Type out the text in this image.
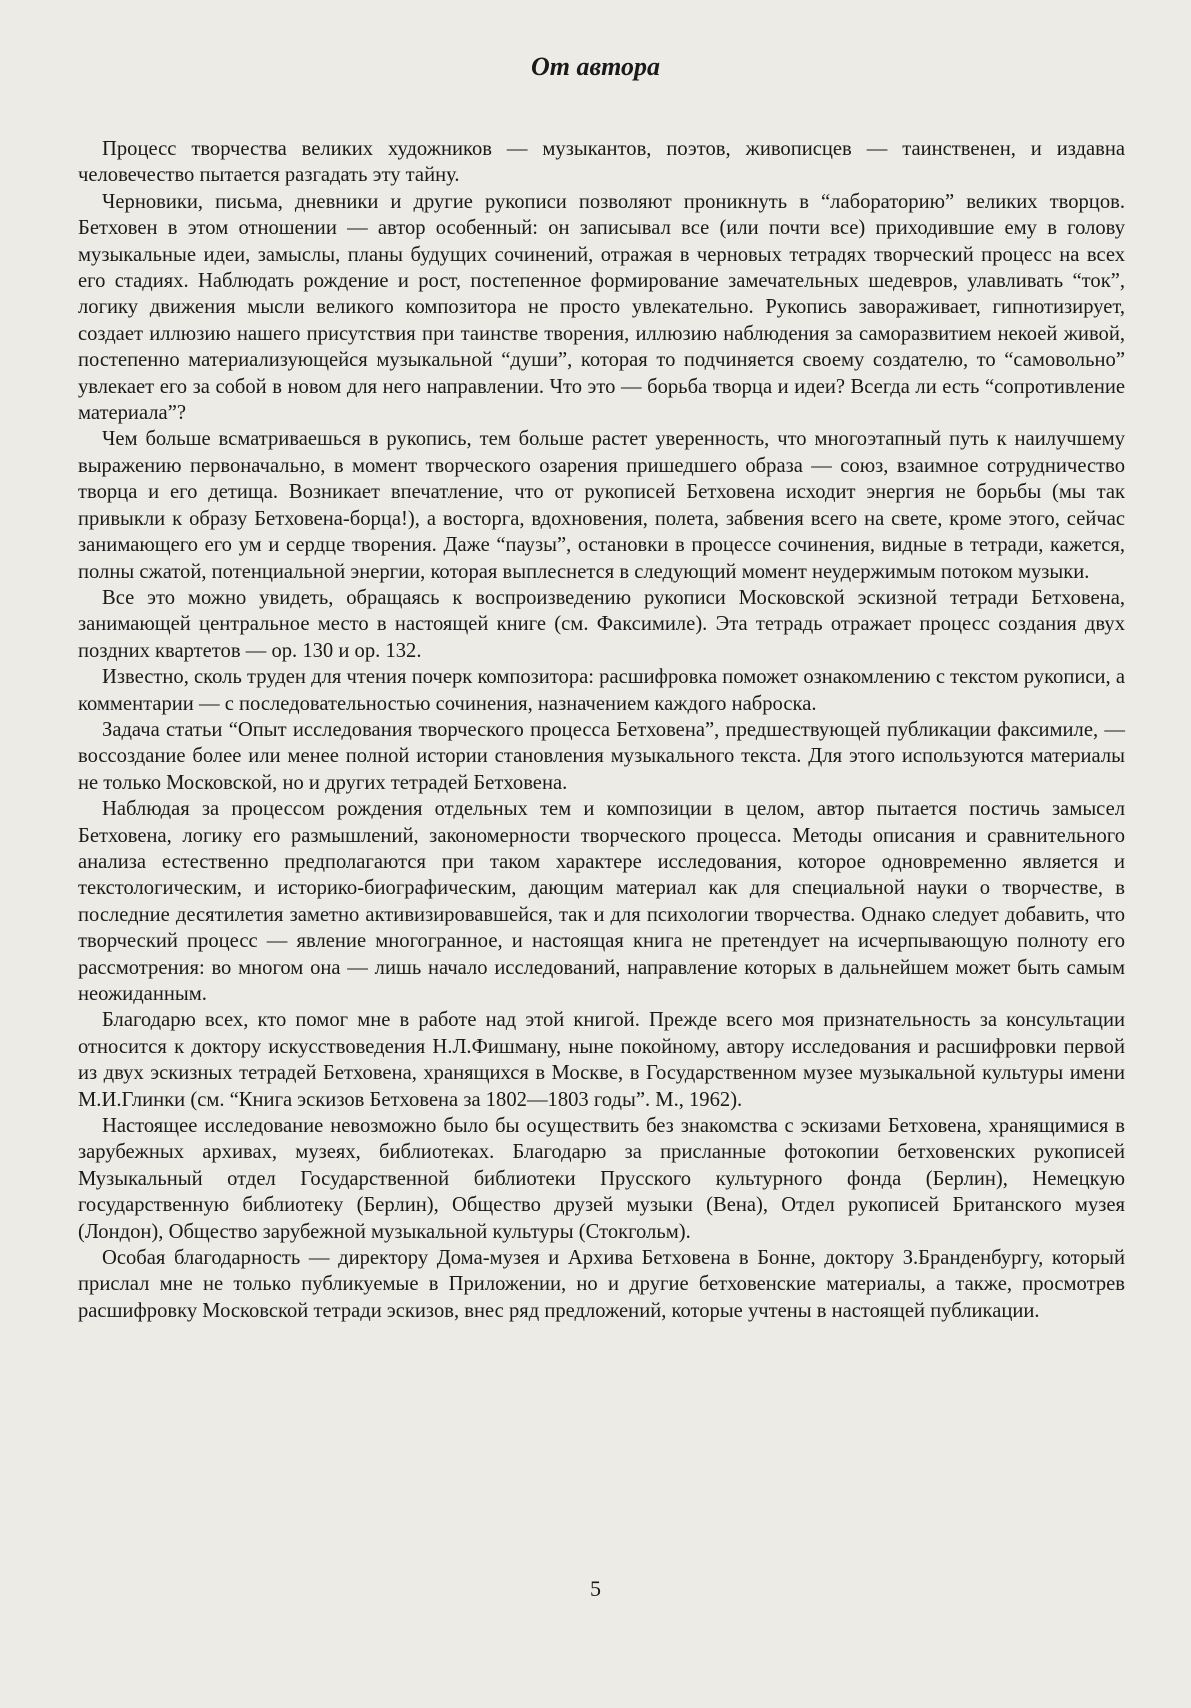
От автора

Процесс творчества великих художников — музыкантов, поэтов, живописцев — таинственен, и издавна человечество пытается разгадать эту тайну.

Черновики, письма, дневники и другие рукописи позволяют проникнуть в “лабораторию” великих творцов. Бетховен в этом отношении — автор особенный: он записывал все (или почти все) приходившие ему в голову музыкальные идеи, замыслы, планы будущих сочинений, отражая в черновых тетрадях творческий процесс на всех его стадиях. Наблюдать рождение и рост, постепенное формирование замечательных шедевров, улавливать “ток”, логику движения мысли великого композитора не просто увлекательно. Рукопись завораживает, гипнотизирует, создает иллюзию нашего присутствия при таинстве творения, иллюзию наблюдения за саморазвитием некоей живой, постепенно материализующейся музыкальной “души”, которая то подчиняется своему создателю, то “самовольно” увлекает его за собой в новом для него направлении. Что это — борьба творца и идеи? Всегда ли есть “сопротивление материала”?

Чем больше всматриваешься в рукопись, тем больше растет уверенность, что многоэтапный путь к наилучшему выражению первоначально, в момент творческого озарения пришедшего образа — союз, взаимное сотрудничество творца и его детища. Возникает впечатление, что от рукописей Бетховена исходит энергия не борьбы (мы так привыкли к образу Бетховена-борца!), а восторга, вдохновения, полета, забвения всего на свете, кроме этого, сейчас занимающего его ум и сердце творения. Даже “паузы”, остановки в процессе сочинения, видные в тетради, кажется, полны сжатой, потенциальной энергии, которая выплеснется в следующий момент неудержимым потоком музыки.

Все это можно увидеть, обращаясь к воспроизведению рукописи Московской эскизной тетради Бетховена, занимающей центральное место в настоящей книге (см. Факсимиле). Эта тетрадь отражает процесс создания двух поздних квартетов — ор. 130 и ор. 132.

Известно, сколь труден для чтения почерк композитора: расшифровка поможет ознакомлению с текстом рукописи, а комментарии — с последовательностью сочинения, назначением каждого наброска.

Задача статьи “Опыт исследования творческого процесса Бетховена”, предшествующей публикации факсимиле, — воссоздание более или менее полной истории становления музыкального текста. Для этого используются материалы не только Московской, но и других тетрадей Бетховена.

Наблюдая за процессом рождения отдельных тем и композиции в целом, автор пытается постичь замысел Бетховена, логику его размышлений, закономерности творческого процесса. Методы описания и сравнительного анализа естественно предполагаются при таком характере исследования, которое одновременно является и текстологическим, и историко-биографическим, дающим материал как для специальной науки о творчестве, в последние десятилетия заметно активизировавшейся, так и для психологии творчества. Однако следует добавить, что творческий процесс — явление многогранное, и настоящая книга не претендует на исчерпывающую полноту его рассмотрения: во многом она — лишь начало исследований, направление которых в дальнейшем может быть самым неожиданным.

Благодарю всех, кто помог мне в работе над этой книгой. Прежде всего моя признательность за консультации относится к доктору искусствоведения Н.Л.Фишману, ныне покойному, автору исследования и расшифровки первой из двух эскизных тетрадей Бетховена, хранящихся в Москве, в Государственном музее музыкальной культуры имени М.И.Глинки (см. “Книга эскизов Бетховена за 1802—1803 годы”. М., 1962).

Настоящее исследование невозможно было бы осуществить без знакомства с эскизами Бетховена, хранящимися в зарубежных архивах, музеях, библиотеках. Благодарю за присланные фотокопии бетховенских рукописей Музыкальный отдел Государственной библиотеки Прусского культурного фонда (Берлин), Немецкую государственную библиотеку (Берлин), Общество друзей музыки (Вена), Отдел рукописей Британского музея (Лондон), Общество зарубежной музыкальной культуры (Стокгольм).

Особая благодарность — директору Дома-музея и Архива Бетховена в Бонне, доктору З.Бранденбургу, который прислал мне не только публикуемые в Приложении, но и другие бетховенские материалы, а также, просмотрев расшифровку Московской тетради эскизов, внес ряд предложений, которые учтены в настоящей публикации.

5
